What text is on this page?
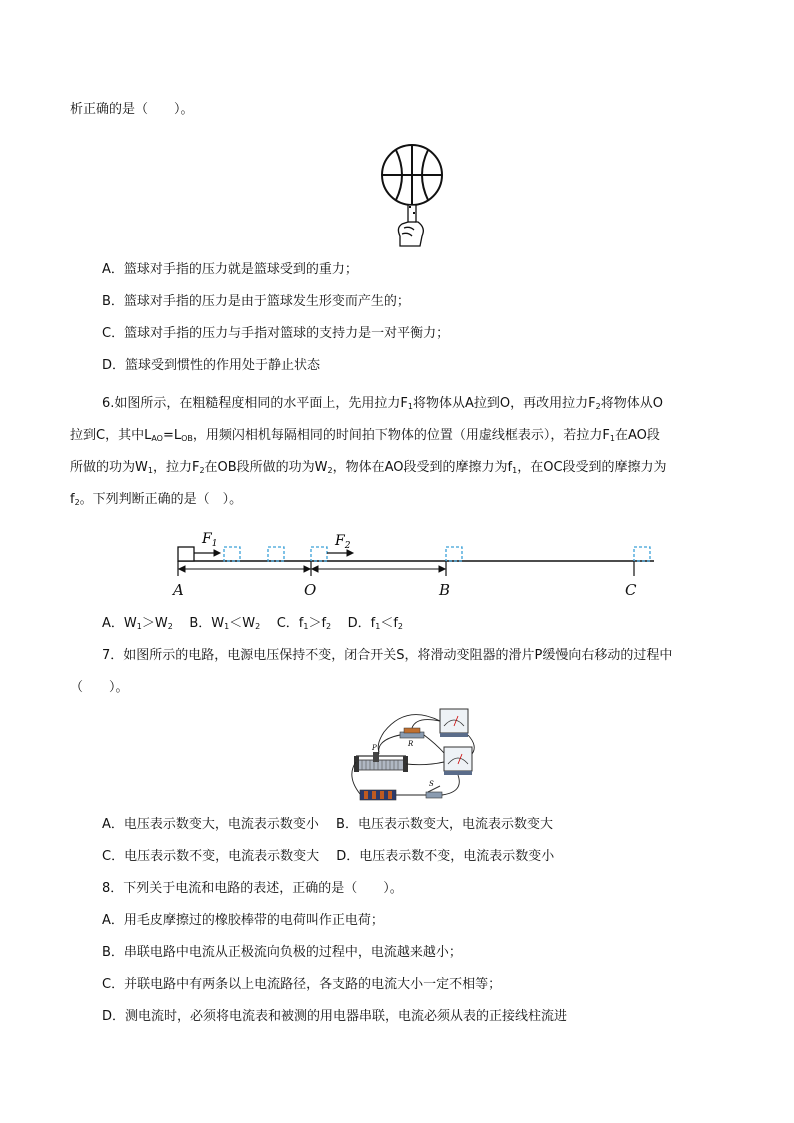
析正确的是（　　）。
A．篮球对手指的压力就是篮球受到的重力；
B．篮球对手指的压力是由于篮球发生形变而产生的；
C．篮球对手指的压力与手指对篮球的支持力是一对平衡力；
D．篮球受到惯性的作用处于静止状态
6.如图所示，在粗糙程度相同的水平面上，先用拉力$F_1$将物体从A拉到O，再改用拉力$F_2$将物体从O
拉到C，其中$L_{AO}=L_{OB}$，用频闪相机每隔相同的时间拍下物体的位置（用虚线框表示），若拉力$F_1$在AO段
所做的功为$W_1$，拉力$F_2$在OB段所做的功为$W_2$，物体在AO段受到的摩擦力为$f_1$，在OC段受到的摩擦力为
$f_2$。下列判断正确的是（　）。
$F_1$	$F_2$
A	O	B	C
A．$W_1>W_2$ B．$W_1<W_2$ C．$f_1>f_2$ D．$f_1<f_2$
7．如图所示的电路，电源电压保持不变，闭合开关S，将滑动变阻器的滑片P缓慢向右移动的过程中
（　　）。
R
P
S
A．电压表示数变大，电流表示数变小　 B．电压表示数变大，电流表示数变大
C．电压表示数不变，电流表示数变大　 D．电压表示数不变，电流表示数变小
8．下列关于电流和电路的表述，正确的是（　　）。
A．用毛皮摩擦过的橡胶棒带的电荷叫作正电荷；
B．串联电路中电流从正极流向负极的过程中，电流越来越小；
C．并联电路中有两条以上电流路径，各支路的电流大小一定不相等；
D．测电流时，必须将电流表和被测的用电器串联，电流必须从表的正接线柱流进
